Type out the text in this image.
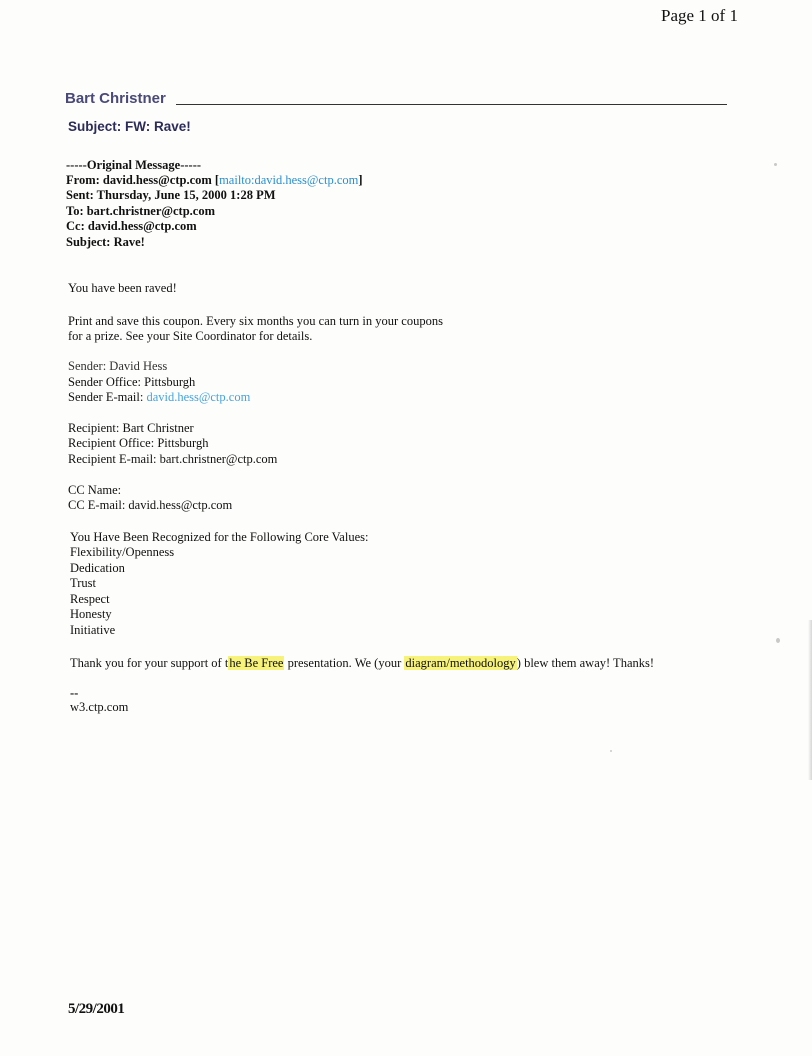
Page 1 of 1
Bart Christner
Subject: FW: Rave!
-----Original Message-----
From: david.hess@ctp.com [mailto:david.hess@ctp.com]
Sent: Thursday, June 15, 2000 1:28 PM
To: bart.christner@ctp.com
Cc: david.hess@ctp.com
Subject: Rave!
You have been raved!
Print and save this coupon. Every six months you can turn in your coupons
for a prize. See your Site Coordinator for details.
Sender: David Hess
Sender Office: Pittsburgh
Sender E-mail: david.hess@ctp.com
Recipient: Bart Christner
Recipient Office: Pittsburgh
Recipient E-mail: bart.christner@ctp.com
CC Name:
CC E-mail: david.hess@ctp.com
You Have Been Recognized for the Following Core Values:
Flexibility/Openness
Dedication
Trust
Respect
Honesty
Initiative
Thank you for your support of the Be Free presentation. We (your diagram/methodology) blew them away! Thanks!
--
w3.ctp.com
5/29/2001
